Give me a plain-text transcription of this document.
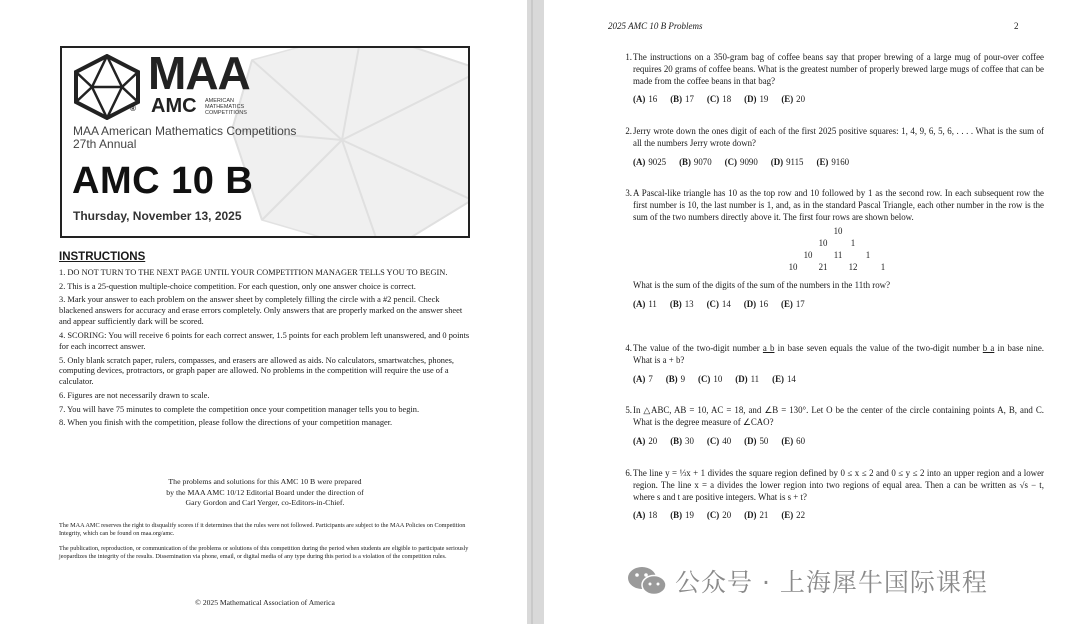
MAA
® AMC AMERICAN
MATHEMATICS
COMPETITIONS
MAA American Mathematics Competitions
27th Annual
AMC 10 B
Thursday, November 13, 2025
INSTRUCTIONS
1. DO NOT TURN TO THE NEXT PAGE UNTIL YOUR COMPETITION MANAGER TELLS YOU TO BEGIN.
2. This is a 25-question multiple-choice competition. For each question, only one answer choice is correct.
3. Mark your answer to each problem on the answer sheet by completely filling the circle with a #2 pencil. Check blackened answers for accuracy and erase errors completely. Only answers that are properly marked on the answer sheet and appear sufficiently dark will be scored.
4. SCORING: You will receive 6 points for each correct answer, 1.5 points for each problem left unanswered, and 0 points for each incorrect answer.
5. Only blank scratch paper, rulers, compasses, and erasers are allowed as aids. No calculators, smartwatches, phones, computing devices, protractors, or graph paper are allowed. No problems in the competition will require the use of a calculator.
6. Figures are not necessarily drawn to scale.
7. You will have 75 minutes to complete the competition once your competition manager tells you to begin.
8. When you finish with the competition, please follow the directions of your competition manager.
The problems and solutions for this AMC 10 B were prepared
by the MAA AMC 10/12 Editorial Board under the direction of
Gary Gordon and Carl Yerger, co-Editors-in-Chief.
The MAA AMC reserves the right to disqualify scores if it determines that the rules were not followed. Participants are subject to the MAA Policies on Competition Integrity, which can be found on maa.org/amc.
The publication, reproduction, or communication of the problems or solutions of this competition during the period when students are eligible to participate seriously jeopardizes the integrity of the results. Dissemination via phone, email, or digital media of any type during this period is a violation of the competition rules.
© 2025 Mathematical Association of America
2025 AMC 10 B Problems	2
1. The instructions on a 350-gram bag of coffee beans say that proper brewing of a large mug of pour-over coffee requires 20 grams of coffee beans. What is the greatest number of properly brewed large mugs of coffee that can be made from the coffee beans in that bag?
(A) 16 (B) 17 (C) 18 (D) 19 (E) 20
2. Jerry wrote down the ones digit of each of the first 2025 positive squares: 1, 4, 9, 6, 5, 6, . . . . What is the sum of all the numbers Jerry wrote down?
(A) 9025 (B) 9070 (C) 9090 (D) 9115 (E) 9160
3. A Pascal-like triangle has 10 as the top row and 10 followed by 1 as the second row. In each subsequent row the first number is 10, the last number is 1, and, as in the standard Pascal Triangle, each other number in the row is the sum of the two numbers directly above it. The first four rows are shown below.
10
10	1
10 11	1
10 21 12	1
What is the sum of the digits of the sum of the numbers in the 11th row?
(A) 11 (B) 13 (C) 14 (D) 16 (E) 17
4. The value of the two-digit number a b in base seven equals the value of the two-digit number b a in base nine. What is a + b?
(A) 7 (B) 9 (C) 10 (D) 11 (E) 14
5. In △ABC, AB = 10, AC = 18, and ∠B = 130°. Let O be the center of the circle containing points A, B, and C. What is the degree measure of ∠CAO?
(A) 20 (B) 30 (C) 40 (D) 50 (E) 60
6. The line y = ⅓x + 1 divides the square region defined by 0 ≤ x ≤ 2 and 0 ≤ y ≤ 2 into an upper region and a lower region. The line x = a divides the lower region into two regions of equal area. Then a can be written as √s − t, where s and t are positive integers. What is s + t?
(A) 18 (B) 19 (C) 20 (D) 21 (E) 22
公众号 · 上海犀牛国际课程
